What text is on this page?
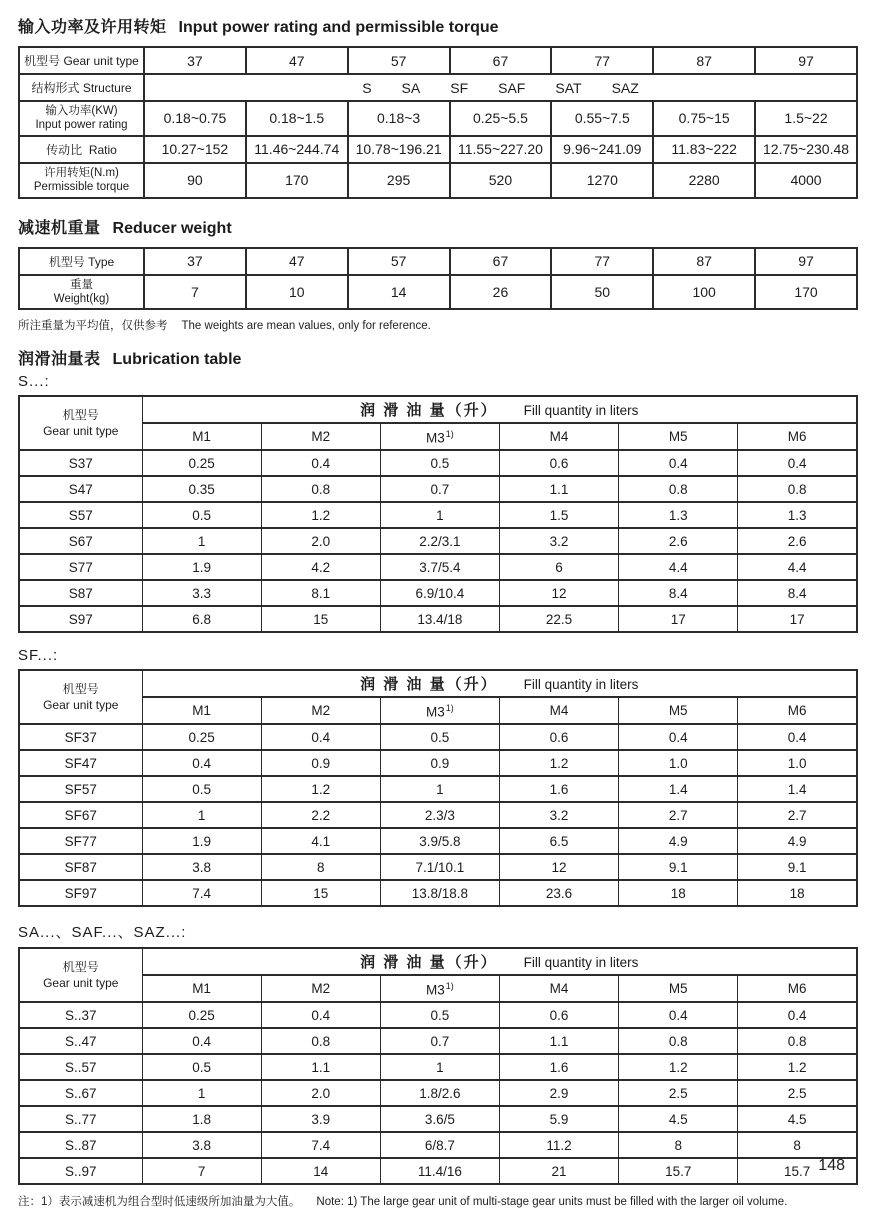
输入功率及许用转矩 Input power rating and permissible torque
机型号 Gear unit type	37	47	57	67	77	87	97
结构形式 Structure	S SA SF SAF SAT SAZ						

输入功率(KW)
Input power rating	0.18~0.75	0.18~1.5	0.18~3	0.25~5.5	0.55~7.5	0.75~15	1.5~22
传动比 Ratio	10.27~152	11.46~244.74	10.78~196.21	11.55~227.20	9.96~241.09	11.83~222	12.75~230.48

许用转矩(N.m)
Permissible torque	90	170	295	520	1270	2280	4000
减速机重量 Reducer weight
机型号 Type	37	47	57	67	77	87	97

重量
Weight(kg)	7	10	14	26	50	100	170
所注重量为平均值，仅供参考 The weights are mean values, only for reference.
润滑油量表 Lubrication table
S...:
机型号
Gear unit type	润 滑 油 量（升） Fill quantity in liters					
	M1	M2	M3$^{1)}$	M4	M5	M6
S37	0.25	0.4	0.5	0.6	0.4	0.4
S47	0.35	0.8	0.7	1.1	0.8	0.8
S57	0.5	1.2	1	1.5	1.3	1.3
S67	1	2.0	2.2/3.1	3.2	2.6	2.6
S77	1.9	4.2	3.7/5.4	6	4.4	4.4
S87	3.3	8.1	6.9/10.4	12	8.4	8.4
S97	6.8	15	13.4/18	22.5	17	17
SF...:
机型号
Gear unit type	润 滑 油 量（升） Fill quantity in liters					
	M1	M2	M3$^{1)}$	M4	M5	M6
SF37	0.25	0.4	0.5	0.6	0.4	0.4
SF47	0.4	0.9	0.9	1.2	1.0	1.0
SF57	0.5	1.2	1	1.6	1.4	1.4
SF67	1	2.2	2.3/3	3.2	2.7	2.7
SF77	1.9	4.1	3.9/5.8	6.5	4.9	4.9
SF87	3.8	8	7.1/10.1	12	9.1	9.1
SF97	7.4	15	13.8/18.8	23.6	18	18
SA...、SAF...、SAZ...:
机型号
Gear unit type	润 滑 油 量（升） Fill quantity in liters					
	M1	M2	M3$^{1)}$	M4	M5	M6
S..37	0.25	0.4	0.5	0.6	0.4	0.4
S..47	0.4	0.8	0.7	1.1	0.8	0.8
S..57	0.5	1.1	1	1.6	1.2	1.2
S..67	1	2.0	1.8/2.6	2.9	2.5	2.5
S..77	1.8	3.9	3.6/5	5.9	4.5	4.5
S..87	3.8	7.4	6/8.7	11.2	8	8
S..97	7	14	11.4/16	21	15.7	15.7
注：1）表示减速机为组合型时低速级所加油量为大值。 Note: 1) The large gear unit of multi-stage gear units must be filled with the larger oil volume.
148
